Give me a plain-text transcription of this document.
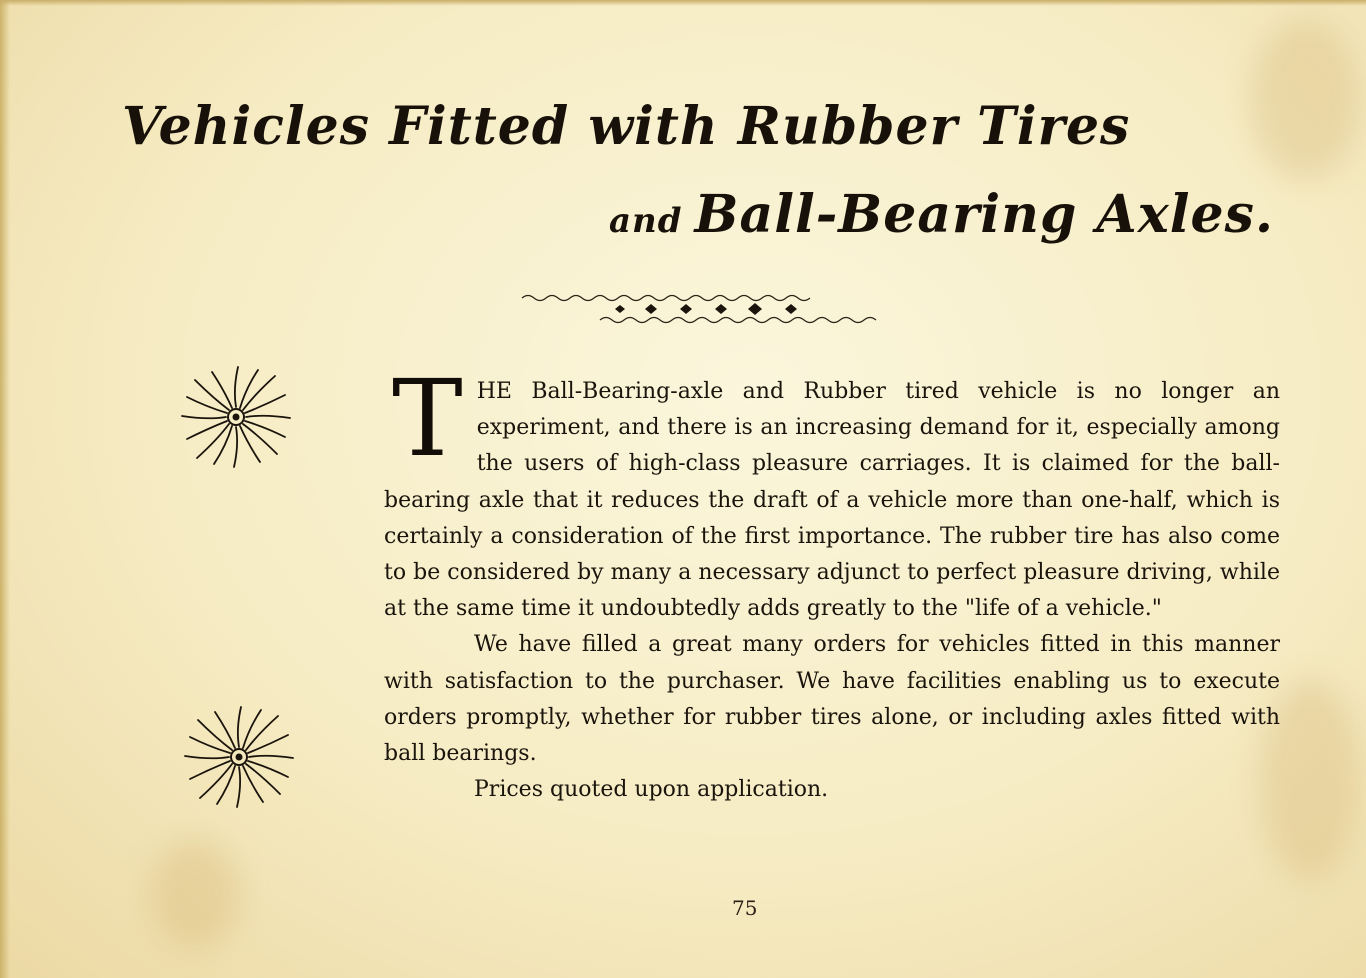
Vehicles Fitted with Rubber Tires
and Ball-Bearing Axles.

THE Ball-Bearing-axle and Rubber tired vehicle is no longer an experiment, and there is an increasing demand for it, especially among the users of high-class pleasure carriages. It is claimed for the ball-bearing axle that it reduces the draft of a vehicle more than one-half, which is certainly a consideration of the first importance. The rubber tire has also come to be considered by many a necessary adjunct to perfect pleasure driving, while at the same time it undoubtedly adds greatly to the "life of a vehicle."

We have filled a great many orders for vehicles fitted in this manner with satisfaction to the purchaser. We have facilities enabling us to execute orders promptly, whether for rubber tires alone, or including axles fitted with ball bearings.

Prices quoted upon application.

75
